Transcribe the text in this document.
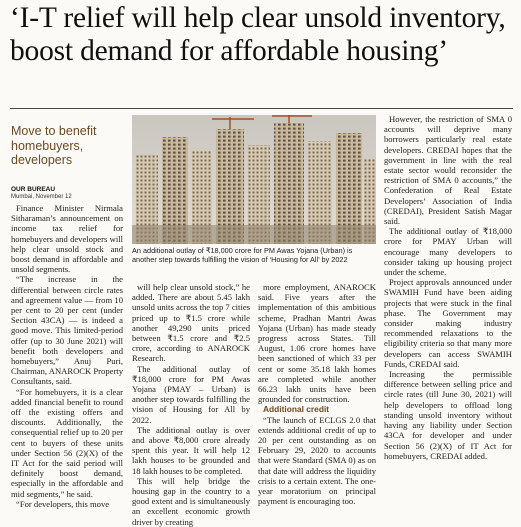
‘I-T relief will help clear unsold inventory,
boost demand for affordable housing’

Move to benefit homebuyers, developers

OUR BUREAU
Mumbai, November 12

Finance Minister Nirmala Sitharaman’s announcement on income tax relief for homebuyers and developers will help clear unsold stock and boost demand in affordable and unsold segments.

“The increase in the differential between circle rates and agreement value — from 10 per cent to 20 per cent (under Section 43CA) — is indeed a good move. This limited-period offer (up to 30 June 2021) will benefit both developers and homebuyers,” Anuj Puri, Chairman, ANAROCK Property Consultants, said.

“For homebuyers, it is a clear added financial benefit to round off the existing offers and discounts. Additionally, the consequential relief up to 20 per cent to buyers of these units under Section 56 (2)(X) of the IT Act for the said period will definitely boost demand, especially in the affordable and mid segments,” he said.

“For developers, this move

An additional outlay of ₹18,000 crore for PM Awas Yojana (Urban) is another step towards fulfilling the vision of ‘Housing for All’ by 2022

will help clear unsold stock,” he added. There are about 5.45 lakh unsold units across the top 7 cities priced up to ₹1.5 crore while another 49,290 units priced between ₹1.5 crore and ₹2.5 crore, according to ANAROCK Research.

The additional outlay of ₹18,000 crore for PM Awas Yojana (PMAY – Urban) is another step towards fulfilling the vision of Housing for All by 2022.

The additional outlay is over and above ₹8,000 crore already spent this year. It will help 12 lakh houses to be grounded and 18 lakh houses to be completed.

This will help bridge the housing gap in the country to a good extent and is simultaneously an excellent economic growth driver by creating

more employment, ANAROCK said. Five years after the implementation of this ambitious scheme, Pradhan Mantri Awas Yojana (Urban) has made steady progress across States. Till August, 1.06 crore homes have been sanctioned of which 33 per cent or some 35.18 lakh homes are completed while another 66.23 lakh units have been grounded for construction.

Additional credit

“The launch of ECLGS 2.0 that extends additional credit of up to 20 per cent outstanding as on February 29, 2020 to accounts that were Standard (SMA 0) as on that date will address the liquidity crisis to a certain extent. The one-year moratorium on principal payment is encouraging too.

However, the restriction of SMA 0 accounts will deprive many borrowers particularly real estate developers. CREDAI hopes that the government in line with the real estate sector would reconsider the restriction of SMA 0 accounts,” the Confederation of Real Estate Developers’ Association of India (CREDAI), President Satish Magar said.

The additional outlay of ₹18,000 crore for PMAY Urban will encourage many developers to consider taking up housing project under the scheme.

Project approvals announced under SWAMIH Fund have been aiding projects that were stuck in the final phase. The Government may consider making industry recommended relaxations to the eligibility criteria so that many more developers can access SWAMIH Funds, CREDAI said.

Increasing the permissible difference between selling price and circle rates (till June 30, 2021) will help developers to offload long standing unsold inventory without having any liability under Section 43CA for developer and under Section 56 (2)(X) of IT Act for homebuyers, CREDAI added.
